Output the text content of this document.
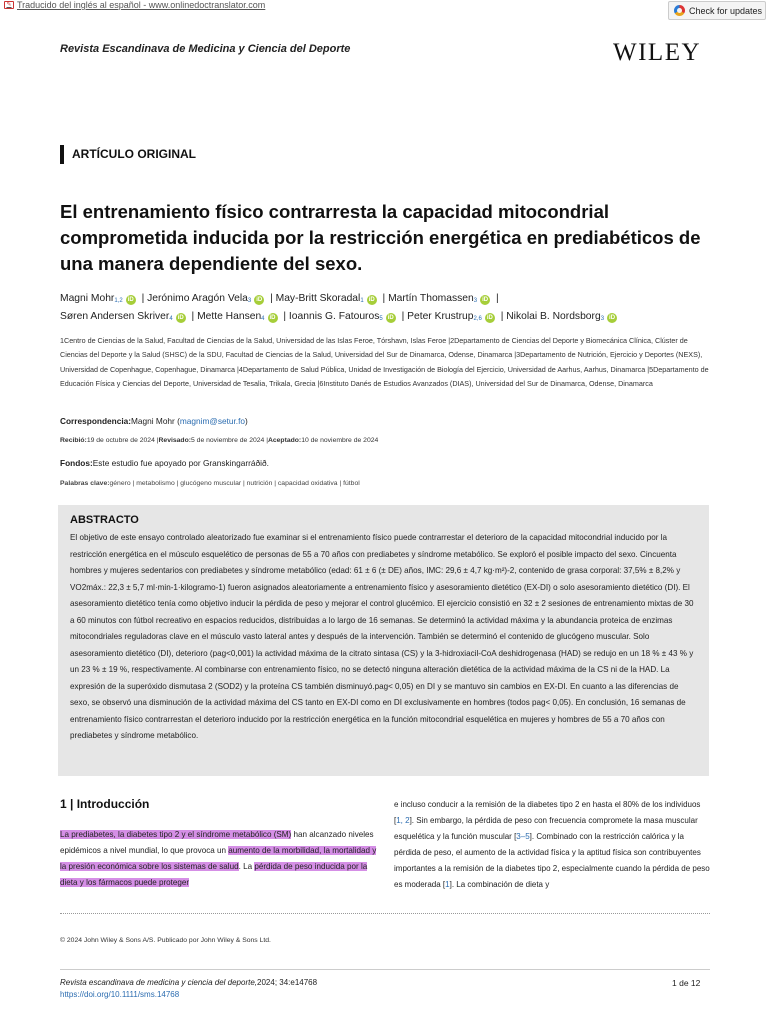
✎ Traducido del inglés al español - www.onlinedoctranslator.com
Check for updates
Revista Escandinava de Medicina y Ciencia del Deporte	WILEY
ARTÍCULO ORIGINAL
El entrenamiento físico contrarresta la capacidad mitocondrial comprometida inducida por la restricción energética en prediabéticos de una manera dependiente del sexo.
Magni Mohr$_{1,2}$ iD | Jerónimo Aragón Vela$_3$ iD | May-Britt Skoradal$_1$ iD | Martín Thomassen$_3$ iD |
Søren Andersen Skriver$_4$ iD | Mette Hansen$_4$ iD | Ioannis G. Fatouros$_5$ iD | Peter Krustrup$_{2,6}$ iD | Nikolai B. Nordsborg$_3$ iD
1Centro de Ciencias de la Salud, Facultad de Ciencias de la Salud, Universidad de las Islas Feroe, Tórshavn, Islas Feroe |2Departamento de Ciencias del Deporte y Biomecánica Clínica, Clúster de Ciencias del Deporte y la Salud (SHSC) de la SDU, Facultad de Ciencias de la Salud, Universidad del Sur de Dinamarca, Odense, Dinamarca |3Departamento de Nutrición, Ejercicio y Deportes (NEXS), Universidad de Copenhague, Copenhague, Dinamarca |4Departamento de Salud Pública, Unidad de Investigación de Biología del Ejercicio, Universidad de Aarhus, Aarhus, Dinamarca |5Departamento de Educación Física y Ciencias del Deporte, Universidad de Tesalia, Trikala, Grecia |6Instituto Danés de Estudios Avanzados (DIAS), Universidad del Sur de Dinamarca, Odense, Dinamarca
Correspondencia:Magni Mohr (magnim@setur.fo)
Recibió:19 de octubre de 2024 |Revisado:5 de noviembre de 2024 |Aceptado:10 de noviembre de 2024
Fondos:Este estudio fue apoyado por Granskingarráðið.
Palabras clave:género | metabolismo | glucógeno muscular | nutrición | capacidad oxidativa | fútbol
ABSTRACTO
El objetivo de este ensayo controlado aleatorizado fue examinar si el entrenamiento físico puede contrarrestar el deterioro de la capacidad mitocondrial inducido por la restricción energética en el músculo esquelético de personas de 55 a 70 años con prediabetes y síndrome metabólico. Se exploró el posible impacto del sexo. Cincuenta hombres y mujeres sedentarios con prediabetes y síndrome metabólico (edad: 61 ± 6 (± DE) años, IMC: 29,6 ± 4,7 kg·m²)-2, contenido de grasa corporal: 37,5% ± 8,2% y VO2máx.: 22,3 ± 5,7 ml·min-1·kilogramo-1) fueron asignados aleatoriamente a entrenamiento físico y asesoramiento dietético (EX-DI) o solo asesoramiento dietético (DI). El asesoramiento dietético tenía como objetivo inducir la pérdida de peso y mejorar el control glucémico. El ejercicio consistió en 32 ± 2 sesiones de entrenamiento mixtas de 30 a 60 minutos con fútbol recreativo en espacios reducidos, distribuidas a lo largo de 16 semanas. Se determinó la actividad máxima y la abundancia proteica de enzimas mitocondriales reguladoras clave en el músculo vasto lateral antes y después de la intervención. También se determinó el contenido de glucógeno muscular. Solo asesoramiento dietético (DI), deterioro (pag<0,001) la actividad máxima de la citrato sintasa (CS) y la 3-hidroxiacil-CoA deshidrogenasa (HAD) se redujo en un 18 % ± 43 % y un 23 % ± 19 %, respectivamente. Al combinarse con entrenamiento físico, no se detectó ninguna alteración dietética de la actividad máxima de la CS ni de la HAD. La expresión de la superóxido dismutasa 2 (SOD2) y la proteína CS también disminuyó.pag< 0,05) en DI y se mantuvo sin cambios en EX-DI. En cuanto a las diferencias de sexo, se observó una disminución de la actividad máxima del CS tanto en EX-DI como en DI exclusivamente en hombres (todos pag< 0,05). En conclusión, 16 semanas de entrenamiento físico contrarrestan el deterioro inducido por la restricción energética en la función mitocondrial esquelética en mujeres y hombres de 55 a 70 años con prediabetes y síndrome metabólico.
1 | Introducción
La prediabetes, la diabetes tipo 2 y el síndrome metabólico (SM) han alcanzado niveles epidémicos a nivel mundial, lo que provoca un aumento de la morbilidad, la mortalidad y la presión económica sobre los sistemas de salud. La pérdida de peso inducida por la dieta y los fármacos puede proteger
e incluso conducir a la remisión de la diabetes tipo 2 en hasta el 80% de los individuos [1, 2]. Sin embargo, la pérdida de peso con frecuencia compromete la masa muscular esquelética y la función muscular [3–5]. Combinado con la restricción calórica y la pérdida de peso, el aumento de la actividad física y la aptitud física son contribuyentes importantes a la remisión de la diabetes tipo 2, especialmente cuando la pérdida de peso es moderada [1]. La combinación de dieta y
© 2024 John Wiley & Sons A/S. Publicado por John Wiley & Sons Ltd.
Revista escandinava de medicina y ciencia del deporte,2024; 34:e14768
https://doi.org/10.1111/sms.14768
1 de 12
